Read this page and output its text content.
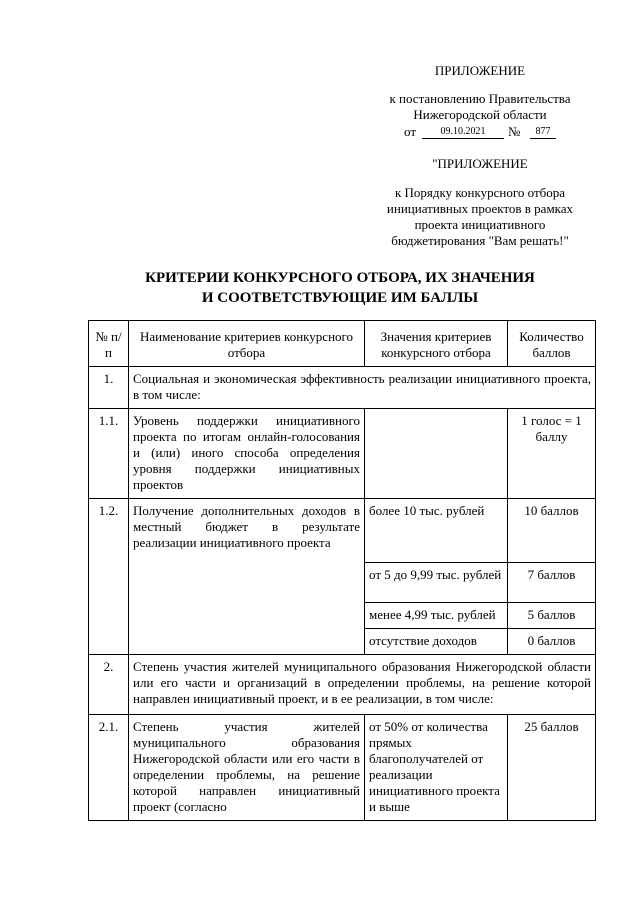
ПРИЛОЖЕНИЕ
к постановлению Правительства
Нижегородской области
от	09.10.2021	№	877
"ПРИЛОЖЕНИЕ
к Порядку конкурсного отбора
инициативных проектов в рамках
проекта инициативного
бюджетирования "Вам решать!"
КРИТЕРИИ КОНКУРСНОГО ОТБОРА, ИХ ЗНАЧЕНИЯ
И СООТВЕТСТВУЮЩИЕ ИМ БАЛЛЫ
№ п/п	Наименование критериев конкурсного отбора	Значения критериев конкурсного отбора	Количество баллов
1.	Социальная и экономическая эффективность реализации инициативного проекта, в том числе:		
1.1.	Уровень поддержки инициативного проекта по итогам онлайн-голосования и (или) иного способа определения уровня поддержки инициативных проектов		1 голос = 1 баллу
1.2.	Получение дополнительных доходов в местный бюджет в результате реализации инициативного проекта	более 10 тыс. рублей	10 баллов
		от 5 до 9,99 тыс. рублей	7 баллов
		менее 4,99 тыс. рублей	5 баллов
		отсутствие доходов	0 баллов
2.	Степень участия жителей муниципального образования Нижегородской области или его части и организаций в определении проблемы, на решение которой направлен инициативный проект, и в ее реализации, в том числе:		
2.1.	Степень участия жителей муниципального образования Нижегородской области или его части в определении проблемы, на решение которой направлен инициативный проект (согласно	от 50% от количества прямых благополучателей от реализации инициативного проекта и выше	25 баллов
